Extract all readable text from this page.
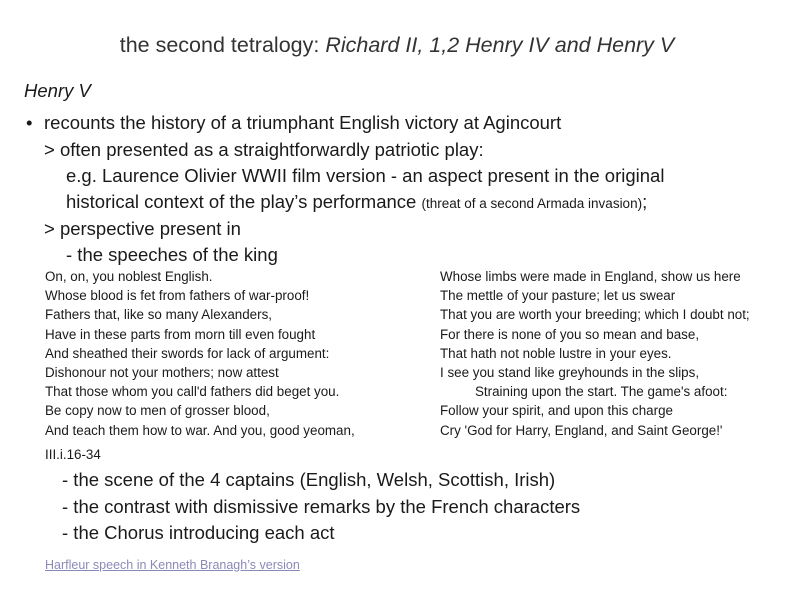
the second tetralogy: Richard II, 1,2 Henry IV and Henry V
Henry V
• recounts the history of a triumphant English victory at Agincourt
> often presented as a straightforwardly patriotic play:
e.g. Laurence Olivier WWII film version - an aspect present in the original
historical context of the play’s performance (threat of a second Armada invasion);
> perspective present in
- the speeches of the king
On, on, you noblest English.
Whose blood is fet from fathers of war-proof!
Fathers that, like so many Alexanders,
Have in these parts from morn till even fought
And sheathed their swords for lack of argument:
Dishonour not your mothers; now attest
That those whom you call'd fathers did beget you.
Be copy now to men of grosser blood,
And teach them how to war. And you, good yeoman,
Whose limbs were made in England, show us here
The mettle of your pasture; let us swear
That you are worth your breeding; which I doubt not;
For there is none of you so mean and base,
That hath not noble lustre in your eyes.
I see you stand like greyhounds in the slips,
Straining upon the start. The game's afoot:
Follow your spirit, and upon this charge
Cry 'God for Harry, England, and Saint George!'
III.i.16-34
- the scene of the 4 captains (English, Welsh, Scottish, Irish)
- the contrast with dismissive remarks by the French characters
- the Chorus introducing each act
Harfleur speech in Kenneth Branagh’s version
